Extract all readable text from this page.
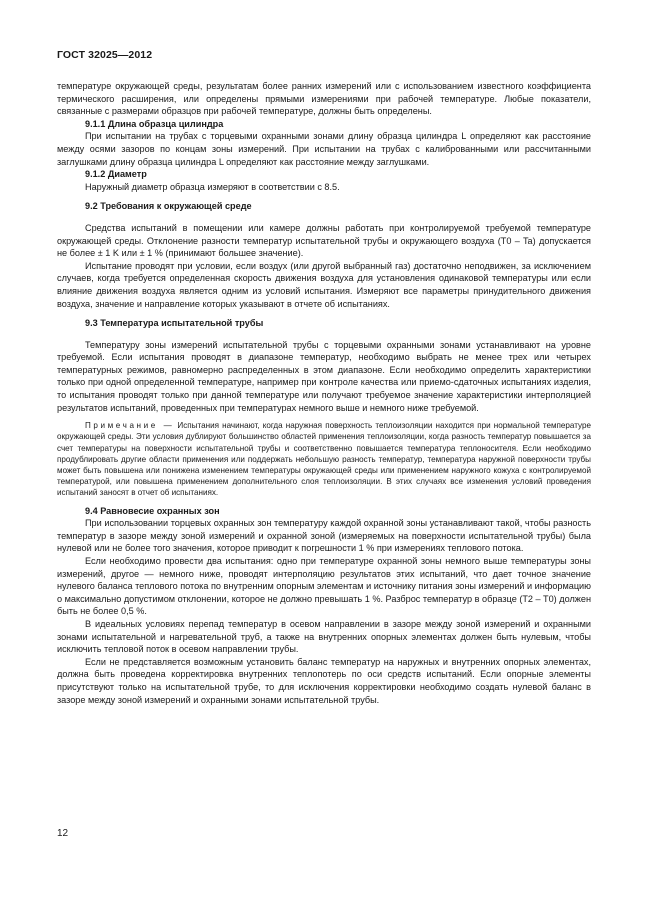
ГОСТ 32025—2012

температуре окружающей среды, результатам более ранних измерений или с использованием известного коэффициента термического расширения, или определены прямыми измерениями при рабочей температуре. Любые показатели, связанные с размерами образцов при рабочей температуре, должны быть определены.

9.1.1 Длина образца цилиндра

При испытании на трубах с торцевыми охранными зонами длину образца цилиндра L определяют как расстояние между осями зазоров по концам зоны измерений. При испытании на трубах с калиброванными или рассчитанными заглушками длину образца цилиндра L определяют как расстояние между заглушками.

9.1.2 Диаметр

Наружный диаметр образца измеряют в соответствии с 8.5.

9.2 Требования к окружающей среде

Средства испытаний в помещении или камере должны работать при контролируемой требуемой температуре окружающей среды. Отклонение разности температур испытательной трубы и окружающего воздуха (T0 – Ta) допускается не более ± 1 K или ± 1 % (принимают большее значение).

Испытание проводят при условии, если воздух (или другой выбранный газ) достаточно неподвижен, за исключением случаев, когда требуется определенная скорость движения воздуха для установления одинаковой температуры или если влияние движения воздуха является одним из условий испытания. Измеряют все параметры принудительного движения воздуха, значение и направление которых указывают в отчете об испытаниях.

9.3 Температура испытательной трубы

Температуру зоны измерений испытательной трубы с торцевыми охранными зонами устанавливают на уровне требуемой. Если испытания проводят в диапазоне температур, необходимо выбрать не менее трех или четырех температурных режимов, равномерно распределенных в этом диапазоне. Если необходимо определить характеристики только при одной определенной температуре, например при контроле качества или приемо-сдаточных испытаниях изделия, то испытания проводят только при данной температуре или получают требуемое значение характеристики интерполяцией результатов испытаний, проведенных при температурах немного выше и немного ниже требуемой.

Примечание — Испытания начинают, когда наружная поверхность теплоизоляции находится при нормальной температуре окружающей среды. Эти условия дублируют большинство областей применения теплоизоляции, когда разность температур повышается за счет температуры на поверхности испытательной трубы и соответственно повышается температура теплоносителя. Если необходимо продублировать другие области применения или поддержать небольшую разность температур, температура наружной поверхности трубы может быть повышена или понижена изменением температуры окружающей среды или применением наружного кожуха с контролируемой температурой, или повышена применением дополнительного слоя теплоизоляции. В этих случаях все изменения условий проведения испытаний заносят в отчет об испытаниях.

9.4 Равновесие охранных зон

При использовании торцевых охранных зон температуру каждой охранной зоны устанавливают такой, чтобы разность температур в зазоре между зоной измерений и охранной зоной (измеряемых на поверхности испытательной трубы) была нулевой или не более того значения, которое приводит к погрешности 1 % при измерениях теплового потока.

Если необходимо провести два испытания: одно при температуре охранной зоны немного выше температуры зоны измерений, другое — немного ниже, проводят интерполяцию результатов этих испытаний, что дает точное значение нулевого баланса теплового потока по внутренним опорным элементам и источнику питания зоны измерений и информацию о максимально допустимом отклонении, которое не должно превышать 1 %. Разброс температур в образце (T2 – T0) должен быть не более 0,5 %.

В идеальных условиях перепад температур в осевом направлении в зазоре между зоной измерений и охранными зонами испытательной и нагревательной труб, а также на внутренних опорных элементах должен быть нулевым, чтобы исключить тепловой поток в осевом направлении трубы.

Если не представляется возможным установить баланс температур на наружных и внутренних опорных элементах, должна быть проведена корректировка внутренних теплопотерь по оси средств испытаний. Если опорные элементы присутствуют только на испытательной трубе, то для исключения корректировки необходимо создать нулевой баланс в зазоре между зоной измерений и охранными зонами испытательной трубы.

12
